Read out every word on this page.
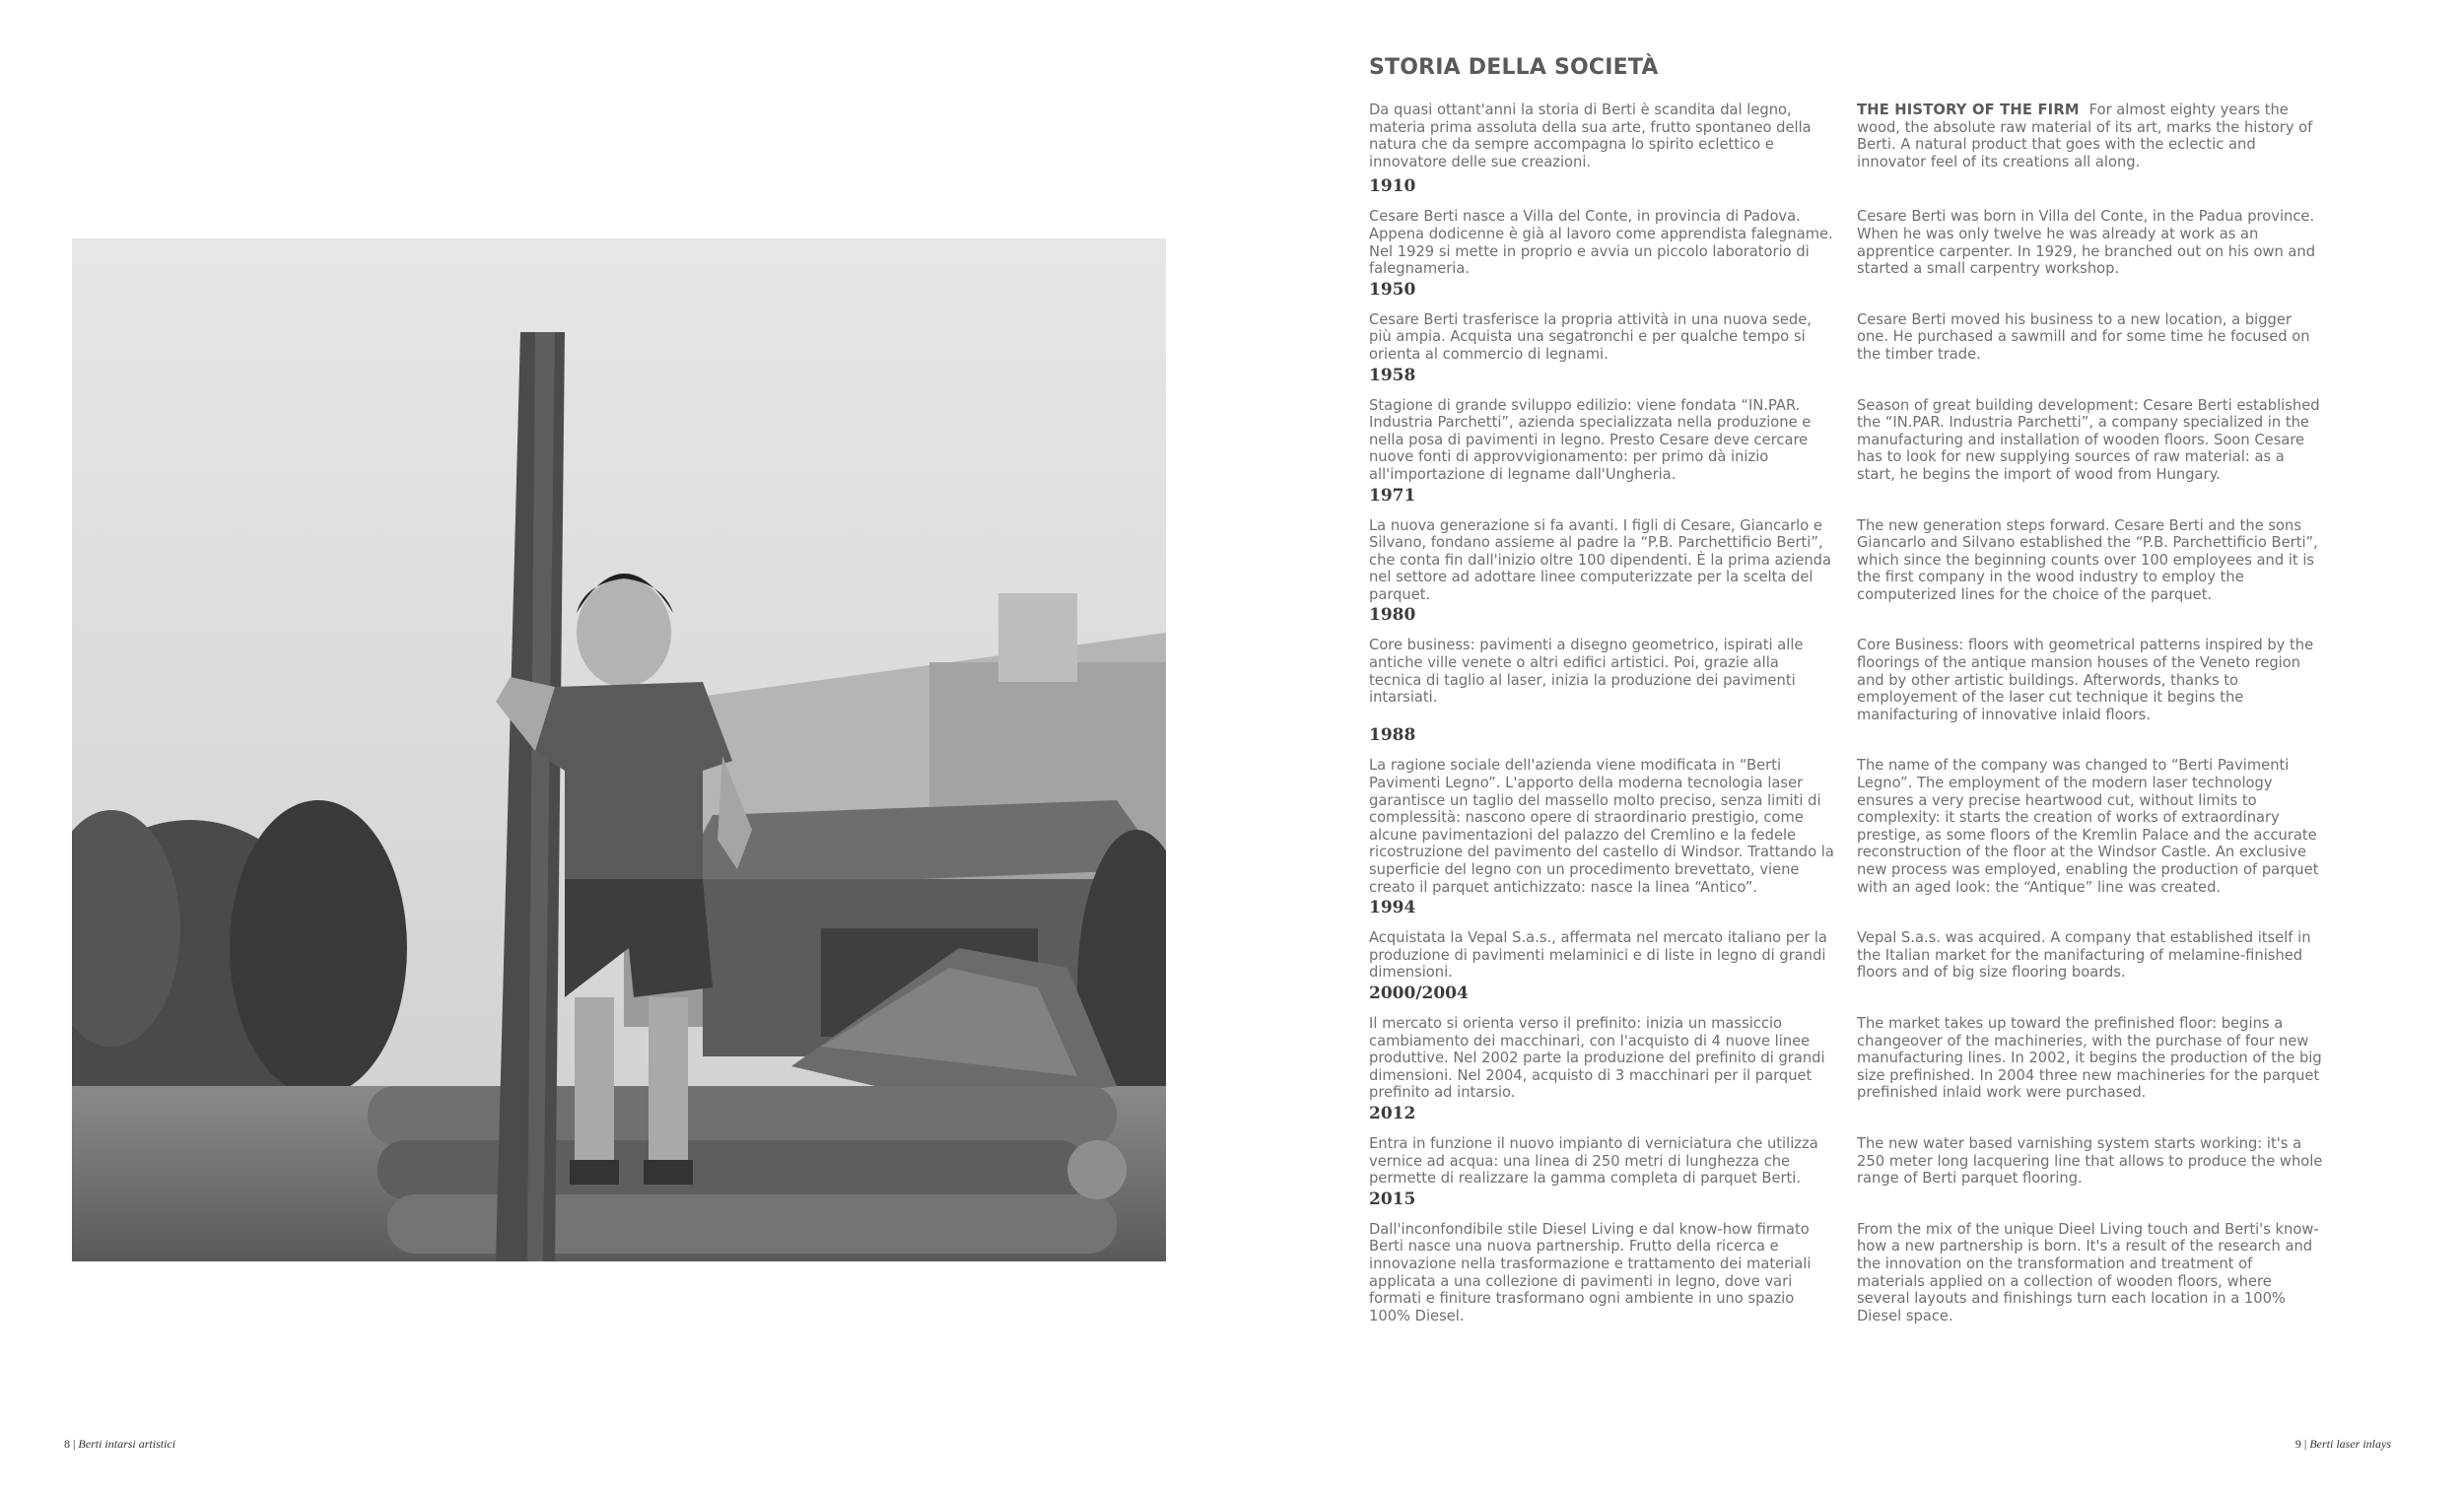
STORIA DELLA SOCIETÀ
Da quasi ottant'anni la storia di Berti è scandita dal legno, materia prima assoluta della sua arte, frutto spontaneo della natura che da sempre accompagna lo spirito eclettico e innovatore delle sue creazioni.
THE HISTORY OF THE FIRM For almost eighty years the wood, the absolute raw material of its art, marks the history of Berti. A natural product that goes with the eclectic and innovator feel of its creations all along.
1910
Cesare Berti nasce a Villa del Conte, in provincia di Padova. Appena dodicenne è già al lavoro come apprendista falegname. Nel 1929 si mette in proprio e avvia un piccolo laboratorio di falegnameria.
Cesare Berti was born in Villa del Conte, in the Padua province. When he was only twelve he was already at work as an apprentice carpenter. In 1929, he branched out on his own and started a small carpentry workshop.
1950
Cesare Berti trasferisce la propria attività in una nuova sede, più ampia. Acquista una segatronchi e per qualche tempo si orienta al commercio di legnami.
Cesare Berti moved his business to a new location, a bigger one. He purchased a sawmill and for some time he focused on the timber trade.
1958
Stagione di grande sviluppo edilizio: viene fondata “IN.PAR. Industria Parchetti”, azienda specializzata nella produzione e nella posa di pavimenti in legno. Presto Cesare deve cercare nuove fonti di approvvigionamento: per primo dà inizio all'importazione di legname dall'Ungheria.
Season of great building development: Cesare Berti established the “IN.PAR. Industria Parchetti”, a company specialized in the manufacturing and installation of wooden floors. Soon Cesare has to look for new supplying sources of raw material: as a start, he begins the import of wood from Hungary.
1971
La nuova generazione si fa avanti. I figli di Cesare, Giancarlo e Silvano, fondano assieme al padre la “P.B. Parchettificio Berti”, che conta fin dall'inizio oltre 100 dipendenti. È la prima azienda nel settore ad adottare linee computerizzate per la scelta del parquet.
The new generation steps forward. Cesare Berti and the sons Giancarlo and Silvano established the “P.B. Parchettificio Berti”, which since the beginning counts over 100 employees and it is the first company in the wood industry to employ the computerized lines for the choice of the parquet.
1980
Core business: pavimenti a disegno geometrico, ispirati alle antiche ville venete o altri edifici artistici. Poi, grazie alla tecnica di taglio al laser, inizia la produzione dei pavimenti intarsiati.
Core Business: floors with geometrical patterns inspired by the floorings of the antique mansion houses of the Veneto region and by other artistic buildings. Afterwords, thanks to employement of the laser cut technique it begins the manifacturing of innovative inlaid floors.
1988
La ragione sociale dell'azienda viene modificata in “Berti Pavimenti Legno”. L'apporto della moderna tecnologia laser garantisce un taglio del massello molto preciso, senza limiti di complessità: nascono opere di straordinario prestigio, come alcune pavimentazioni del palazzo del Cremlino e la fedele ricostruzione del pavimento del castello di Windsor. Trattando la superficie del legno con un procedimento brevettato, viene creato il parquet antichizzato: nasce la linea “Antico”.
The name of the company was changed to “Berti Pavimenti Legno”. The employment of the modern laser technology ensures a very precise heartwood cut, without limits to complexity: it starts the creation of works of extraordinary prestige, as some floors of the Kremlin Palace and the accurate reconstruction of the floor at the Windsor Castle. An exclusive new process was employed, enabling the production of parquet with an aged look: the “Antique” line was created.
1994
Acquistata la Vepal S.a.s., affermata nel mercato italiano per la produzione di pavimenti melaminici e di liste in legno di grandi dimensioni.
Vepal S.a.s. was acquired. A company that established itself in the Italian market for the manifacturing of melamine-finished floors and of big size flooring boards.
2000/2004
Il mercato si orienta verso il prefinito: inizia un massiccio cambiamento dei macchinari, con l'acquisto di 4 nuove linee produttive. Nel 2002 parte la produzione del prefinito di grandi dimensioni. Nel 2004, acquisto di 3 macchinari per il parquet prefinito ad intarsio.
The market takes up toward the prefinished floor: begins a changeover of the machineries, with the purchase of four new manufacturing lines. In 2002, it begins the production of the big size prefinished. In 2004 three new machineries for the parquet prefinished inlaid work were purchased.
2012
Entra in funzione il nuovo impianto di verniciatura che utilizza vernice ad acqua: una linea di 250 metri di lunghezza che permette di realizzare la gamma completa di parquet Berti.
The new water based varnishing system starts working: it's a 250 meter long lacquering line that allows to produce the whole range of Berti parquet flooring.
2015
Dall'inconfondibile stile Diesel Living e dal know-how firmato Berti nasce una nuova partnership. Frutto della ricerca e innovazione nella trasformazione e trattamento dei materiali applicata a una collezione di pavimenti in legno, dove vari formati e finiture trasformano ogni ambiente in uno spazio 100% Diesel.
From the mix of the unique Dieel Living touch and Berti's know-how a new partnership is born. It's a result of the research and the innovation on the transformation and treatment of materials applied on a collection of wooden floors, where several layouts and finishings turn each location in a 100% Diesel space.
8 | Berti intarsi artistici	9 | Berti laser inlays
